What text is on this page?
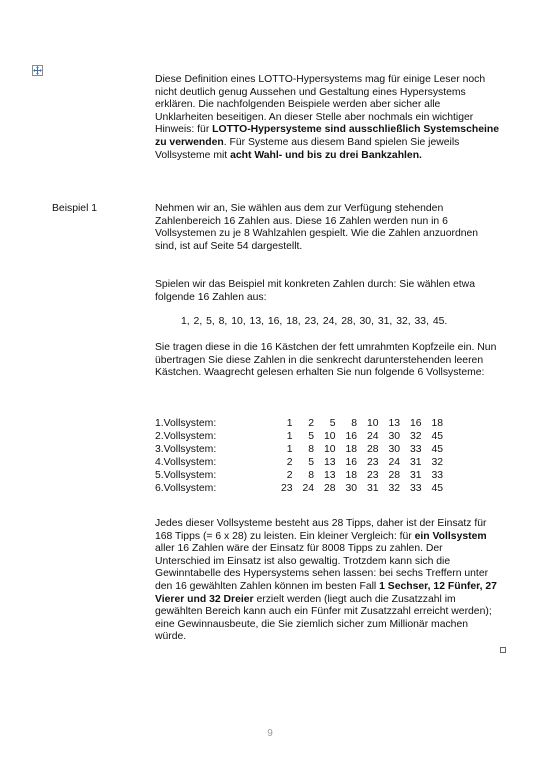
Diese Definition eines LOTTO-Hypersystems mag für einige Leser noch nicht deutlich genug Aussehen und Gestaltung eines Hypersystems erklären. Die nachfolgenden Beispiele werden aber sicher alle Unklarheiten beseitigen. An dieser Stelle aber nochmals ein wichtiger Hinweis: für LOTTO-Hypersysteme sind ausschließlich Systemscheine zu verwenden. Für Systeme aus diesem Band spielen Sie jeweils Vollsysteme mit acht Wahl- und bis zu drei Bankzahlen.
Beispiel 1	Nehmen wir an, Sie wählen aus dem zur Verfügung stehenden Zahlenbereich 16 Zahlen aus. Diese 16 Zahlen werden nun in 6 Vollsystemen zu je 8 Wahlzahlen gespielt. Wie die Zahlen anzuordnen sind, ist auf Seite 54 dargestellt.
Spielen wir das Beispiel mit konkreten Zahlen durch: Sie wählen etwa folgende 16 Zahlen aus:
1, 2, 5, 8, 10, 13, 16, 18, 23, 24, 28, 30, 31, 32, 33, 45.
Sie tragen diese in die 16 Kästchen der fett umrahmten Kopfzeile ein. Nun übertragen Sie diese Zahlen in die senkrecht darunterstehenden leeren Kästchen. Waagrecht gelesen erhalten Sie nun folgende 6 Vollsysteme:
1.Vollsystem:	1	2	5	8	10	13	16	18
2.Vollsystem:	1	5	10	16	24	30	32	45
3.Vollsystem:	1	8	10	18	28	30	33	45
4.Vollsystem:	2	5	13	16	23	24	31	32
5.Vollsystem:	2	8	13	18	23	28	31	33
6.Vollsystem:	23	24	28	30	31	32	33	45
Jedes dieser Vollsysteme besteht aus 28 Tipps, daher ist der Einsatz für 168 Tipps (= 6 x 28) zu leisten. Ein kleiner Vergleich: für ein Vollsystem aller 16 Zahlen wäre der Einsatz für 8008 Tipps zu zahlen. Der Unterschied im Einsatz ist also gewaltig. Trotzdem kann sich die Gewinntabelle des Hypersystems sehen lassen: bei sechs Treffern unter den 16 gewählten Zahlen können im besten Fall 1 Sechser, 12 Fünfer, 27 Vierer und 32 Dreier erzielt werden (liegt auch die Zusatzzahl im gewählten Bereich kann auch ein Fünfer mit Zusatzzahl erreicht werden); eine Gewinnausbeute, die Sie ziemlich sicher zum Millionär machen würde.
9
